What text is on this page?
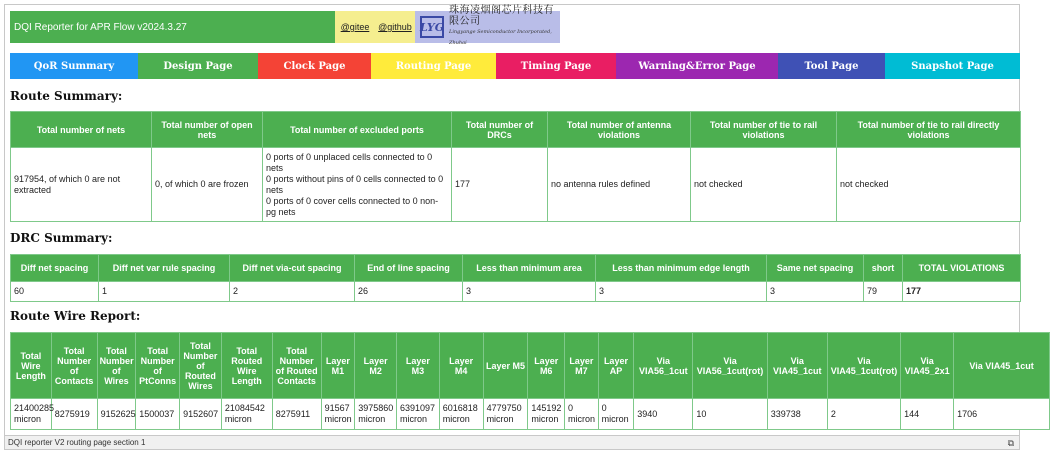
DQI Reporter for APR Flow v2024.3.27	@gitee @github LYG
珠海凌烟阁芯片科技有限公司
Lingyange Semiconductor Incorporated, Zhuhai
QoR Summary	Design Page	Clock Page	Routing Page	Timing Page	Warning&Error Page	Tool Page	Snapshot Page
Route Summary:
Total number of nets	Total number of open nets	Total number of excluded ports	Total number of DRCs	Total number of antenna violations	Total number of tie to rail violations	Total number of tie to rail directly violations
917954, of which 0 are not extracted	0, of which 0 are frozen	0 ports of 0 unplaced cells connected to 0 nets
0 ports without pins of 0 cells connected to 0 nets
0 ports of 0 cover cells connected to 0 non-pg nets	177	no antenna rules defined	not checked	not checked
DRC Summary:
Diff net spacing	Diff net var rule spacing	Diff net via-cut spacing	End of line spacing	Less than minimum area	Less than minimum edge length	Same net spacing	short	TOTAL VIOLATIONS
60	1	2	26	3	3	3	79	177
Route Wire Report:
Total Wire Length	Total Number of Contacts	Total Number of Wires	Total Number of PtConns	Total Number of Routed Wires	Total Routed Wire Length	Total Number of Routed Contacts	Layer M1	Layer M2	Layer M3	Layer M4	Layer M5	Layer M6	Layer M7	Layer AP	Via VIA56_1cut	Via VIA56_1cut(rot)	Via VIA45_1cut	Via VIA45_1cut(rot)	Via VIA45_2x1	Via VIA45_1cut
21400285 micron	8275919	9152625	1500037	9152607	21084542 micron	8275911	91567 micron	3975860 micron	6391097 micron	6016818 micron	4779750 micron	145192 micron	0 micron	0 micron	3940	10	339738	2	144	1706
DQI reporter V2 routing page section 1	⧉
